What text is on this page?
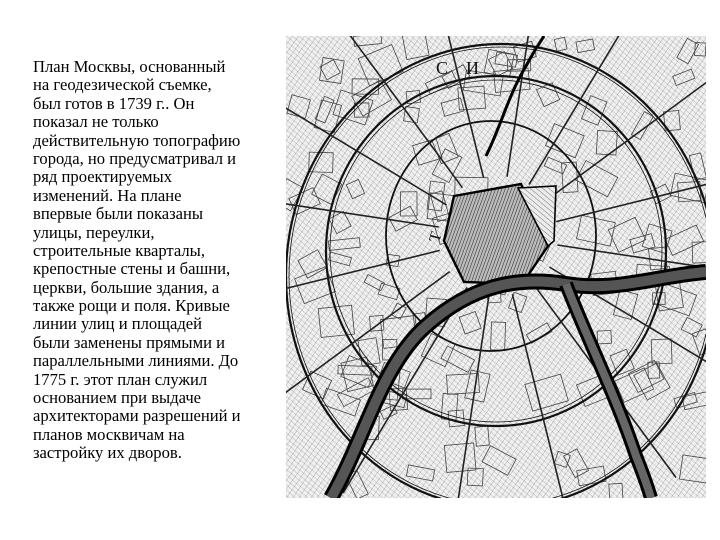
План Москвы, основанный
на геодезической съемке,
был готов в 1739 г.. Он
показал не только
действительную топографию
города, но предусматривал и
ряд проектируемых
изменений. На плане
впервые были показаны
улицы, переулки,
строительные кварталы,
крепостные стены и башни,
церкви, большие здания, а
также рощи и поля. Кривые
линии улиц и площадей
были заменены прямыми и
параллельными линиями. До
1775 г. этот план служил
основанием при выдаче
архитекторами разрешений и
планов москвичам на
застройку их дворов.
И
С
Т
